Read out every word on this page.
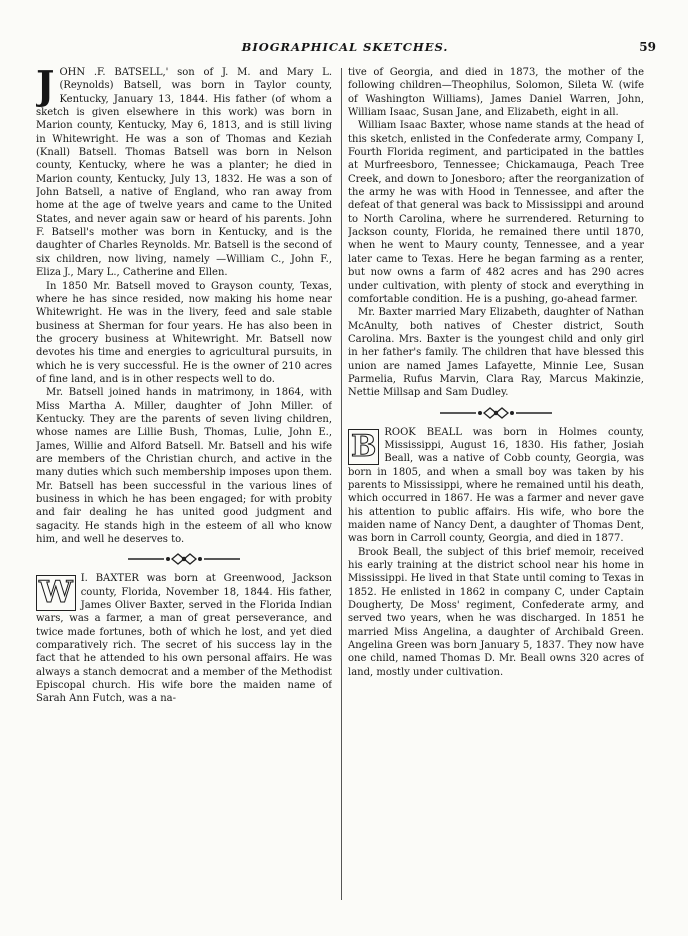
BIOGRAPHICAL SKETCHES.	59

JOHN .F. BATSELL,' son of J. M. and Mary L. (Reynolds) Batsell, was born in Taylor county, Kentucky, January 13, 1844. His father (of whom a sketch is given elsewhere in this work) was born in Marion county, Kentucky, May 6, 1813, and is still living in Whitewright. He was a son of Thomas and Keziah (Knall) Batsell. Thomas Batsell was born in Nelson county, Kentucky, where he was a planter; he died in Marion county, Kentucky, July 13, 1832. He was a son of John Batsell, a native of England, who ran away from home at the age of twelve years and came to the United States, and never again saw or heard of his parents. John F. Batsell's mother was born in Kentucky, and is the daughter of Charles Reynolds. Mr. Batsell is the second of six children, now living, namely —William C., John F., Eliza J., Mary L., Catherine and Ellen.

In 1850 Mr. Batsell moved to Grayson county, Texas, where he has since resided, now making his home near Whitewright. He was in the livery, feed and sale stable business at Sherman for four years. He has also been in the grocery business at Whitewright. Mr. Batsell now devotes his time and energies to agricultural pursuits, in which he is very successful. He is the owner of 210 acres of fine land, and is in other respects well to do.

Mr. Batsell joined hands in matrimony, in 1864, with Miss Martha A. Miller, daughter of John Miller. of Kentucky. They are the parents of seven living children, whose names are Lillie Bush, Thomas, Lulie, John E., James, Willie and Alford Batsell. Mr. Batsell and his wife are members of the Christian church, and active in the many duties which such membership imposes upon them. Mr. Batsell has been successful in the various lines of business in which he has been engaged; for with probity and fair dealing he has united good judgment and sagacity. He stands high in the esteem of all who know him, and well he deserves to.

W I. BAXTER was born at Greenwood, Jackson county, Florida, November 18, 1844. His father, James Oliver Baxter, served in the Florida Indian wars, was a farmer, a man of great perseverance, and twice made fortunes, both of which he lost, and yet died comparatively rich. The secret of his success lay in the fact that he attended to his own personal affairs. He was always a stanch democrat and a member of the Methodist Episcopal church. His wife bore the maiden name of Sarah Ann Futch, was a na-

tive of Georgia, and died in 1873, the mother of the following children—Theophilus, Solomon, Sileta W. (wife of Washington Williams), James Daniel Warren, John, William Isaac, Susan Jane, and Elizabeth, eight in all.

William Isaac Baxter, whose name stands at the head of this sketch, enlisted in the Confederate army, Company I, Fourth Florida regiment, and participated in the battles at Murfreesboro, Tennessee; Chickamauga, Peach Tree Creek, and down to Jonesboro; after the reorganization of the army he was with Hood in Tennessee, and after the defeat of that general was back to Mississippi and around to North Carolina, where he surrendered. Returning to Jackson county, Florida, he remained there until 1870, when he went to Maury county, Tennessee, and a year later came to Texas. Here he began farming as a renter, but now owns a farm of 482 acres and has 290 acres under cultivation, with plenty of stock and everything in comfortable condition. He is a pushing, go-ahead farmer.

Mr. Baxter married Mary Elizabeth, daughter of Nathan McAnulty, both natives of Chester district, South Carolina. Mrs. Baxter is the youngest child and only girl in her father's family. The children that have blessed this union are named James Lafayette, Minnie Lee, Susan Parmelia, Rufus Marvin, Clara Ray, Marcus Makinzie, Nettie Millsap and Sam Dudley.

B ROOK BEALL was born in Holmes county, Mississippi, August 16, 1830. His father, Josiah Beall, was a native of Cobb county, Georgia, was born in 1805, and when a small boy was taken by his parents to Mississippi, where he remained until his death, which occurred in 1867. He was a farmer and never gave his attention to public affairs. His wife, who bore the maiden name of Nancy Dent, a daughter of Thomas Dent, was born in Carroll county, Georgia, and died in 1877.

Brook Beall, the subject of this brief memoir, received his early training at the district school near his home in Mississippi. He lived in that State until coming to Texas in 1852. He enlisted in 1862 in company C, under Captain Dougherty, De Moss' regiment, Confederate army, and served two years, when he was discharged. In 1851 he married Miss Angelina, a daughter of Archibald Green. Angelina Green was born January 5, 1837. They now have one child, named Thomas D. Mr. Beall owns 320 acres of land, mostly under cultivation.
